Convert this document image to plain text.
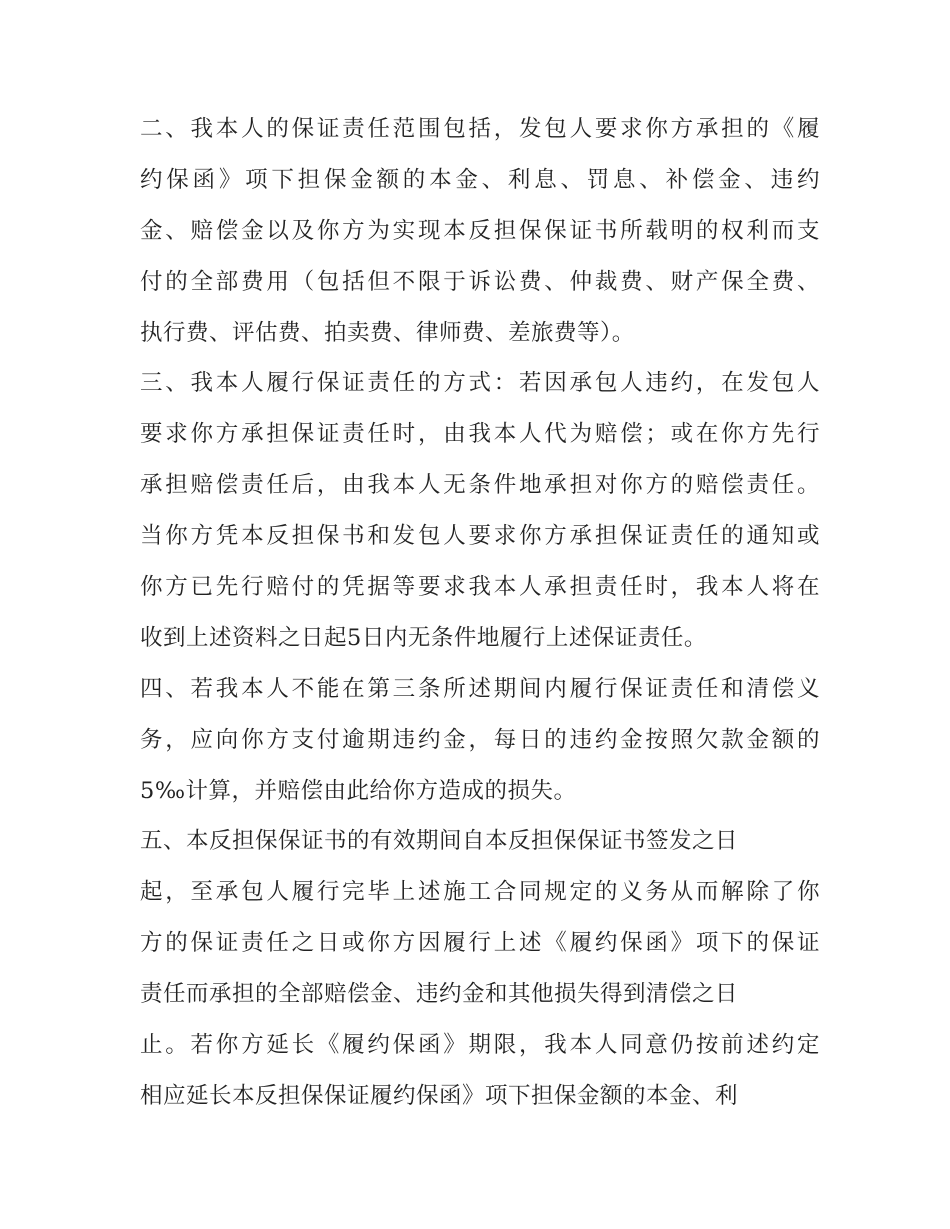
二、我本人的保证责任范围包括，发包人要求你方承担的《履
约保函》项下担保金额的本金、利息、罚息、补偿金、违约
金、赔偿金以及你方为实现本反担保保证书所载明的权利而支
付的全部费用（包括但不限于诉讼费、仲裁费、财产保全费、
执行费、评估费、拍卖费、律师费、差旅费等）。
三、我本人履行保证责任的方式：若因承包人违约，在发包人
要求你方承担保证责任时，由我本人代为赔偿；或在你方先行
承担赔偿责任后，由我本人无条件地承担对你方的赔偿责任。
当你方凭本反担保书和发包人要求你方承担保证责任的通知或
你方已先行赔付的凭据等要求我本人承担责任时，我本人将在
收到上述资料之日起5日内无条件地履行上述保证责任。
四、若我本人不能在第三条所述期间内履行保证责任和清偿义
务，应向你方支付逾期违约金，每日的违约金按照欠款金额的
5‰计算，并赔偿由此给你方造成的损失。
五、本反担保保证书的有效期间自本反担保保证书签发之日
起，至承包人履行完毕上述施工合同规定的义务从而解除了你
方的保证责任之日或你方因履行上述《履约保函》项下的保证
责任而承担的全部赔偿金、违约金和其他损失得到清偿之日
止。若你方延长《履约保函》期限，我本人同意仍按前述约定
相应延长本反担保保证履约保函》项下担保金额的本金、利
